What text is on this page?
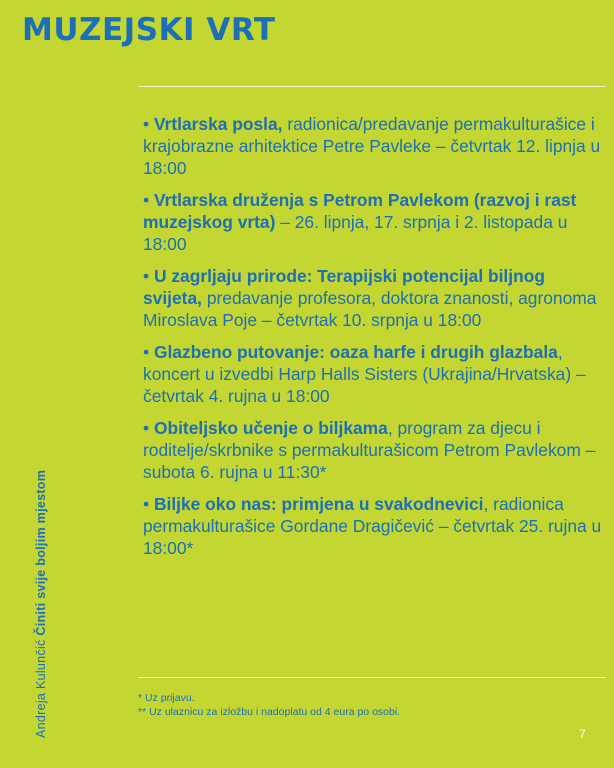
MUZEJSKI VRT
• Vrtlarska posla, radionica/predavanje permakulturašice i krajobrazne arhitektice Petre Pavleke – četvrtak 12. lipnja u 18:00
• Vrtlarska druženja s Petrom Pavlekom (razvoj i rast muzejskog vrta) – 26. lipnja, 17. srpnja i 2. listopada u 18:00
• U zagrljaju prirode: Terapijski potencijal biljnog svijeta, predavanje profesora, doktora znanosti, agronoma Miroslava Poje – četvrtak 10. srpnja u 18:00
• Glazbeno putovanje: oaza harfe i drugih glazbala, koncert u izvedbi Harp Halls Sisters (Ukrajina/Hrvatska) – četvrtak 4. rujna u 18:00
• Obiteljsko učenje o biljkama, program za djecu i roditelje/skrbnike s permakulturašicom Petrom Pavlekom – subota 6. rujna u 11:30*
• Biljke oko nas: primjena u svakodnevici, radionica permakulturašice Gordane Dragičević – četvrtak 25. rujna u 18:00*
* Uz prijavu.
** Uz ulaznicu za izložbu i nadoplatu od 4 eura po osobi.
7
Andreja Kulunčić Činiti svije boljim mjestom
